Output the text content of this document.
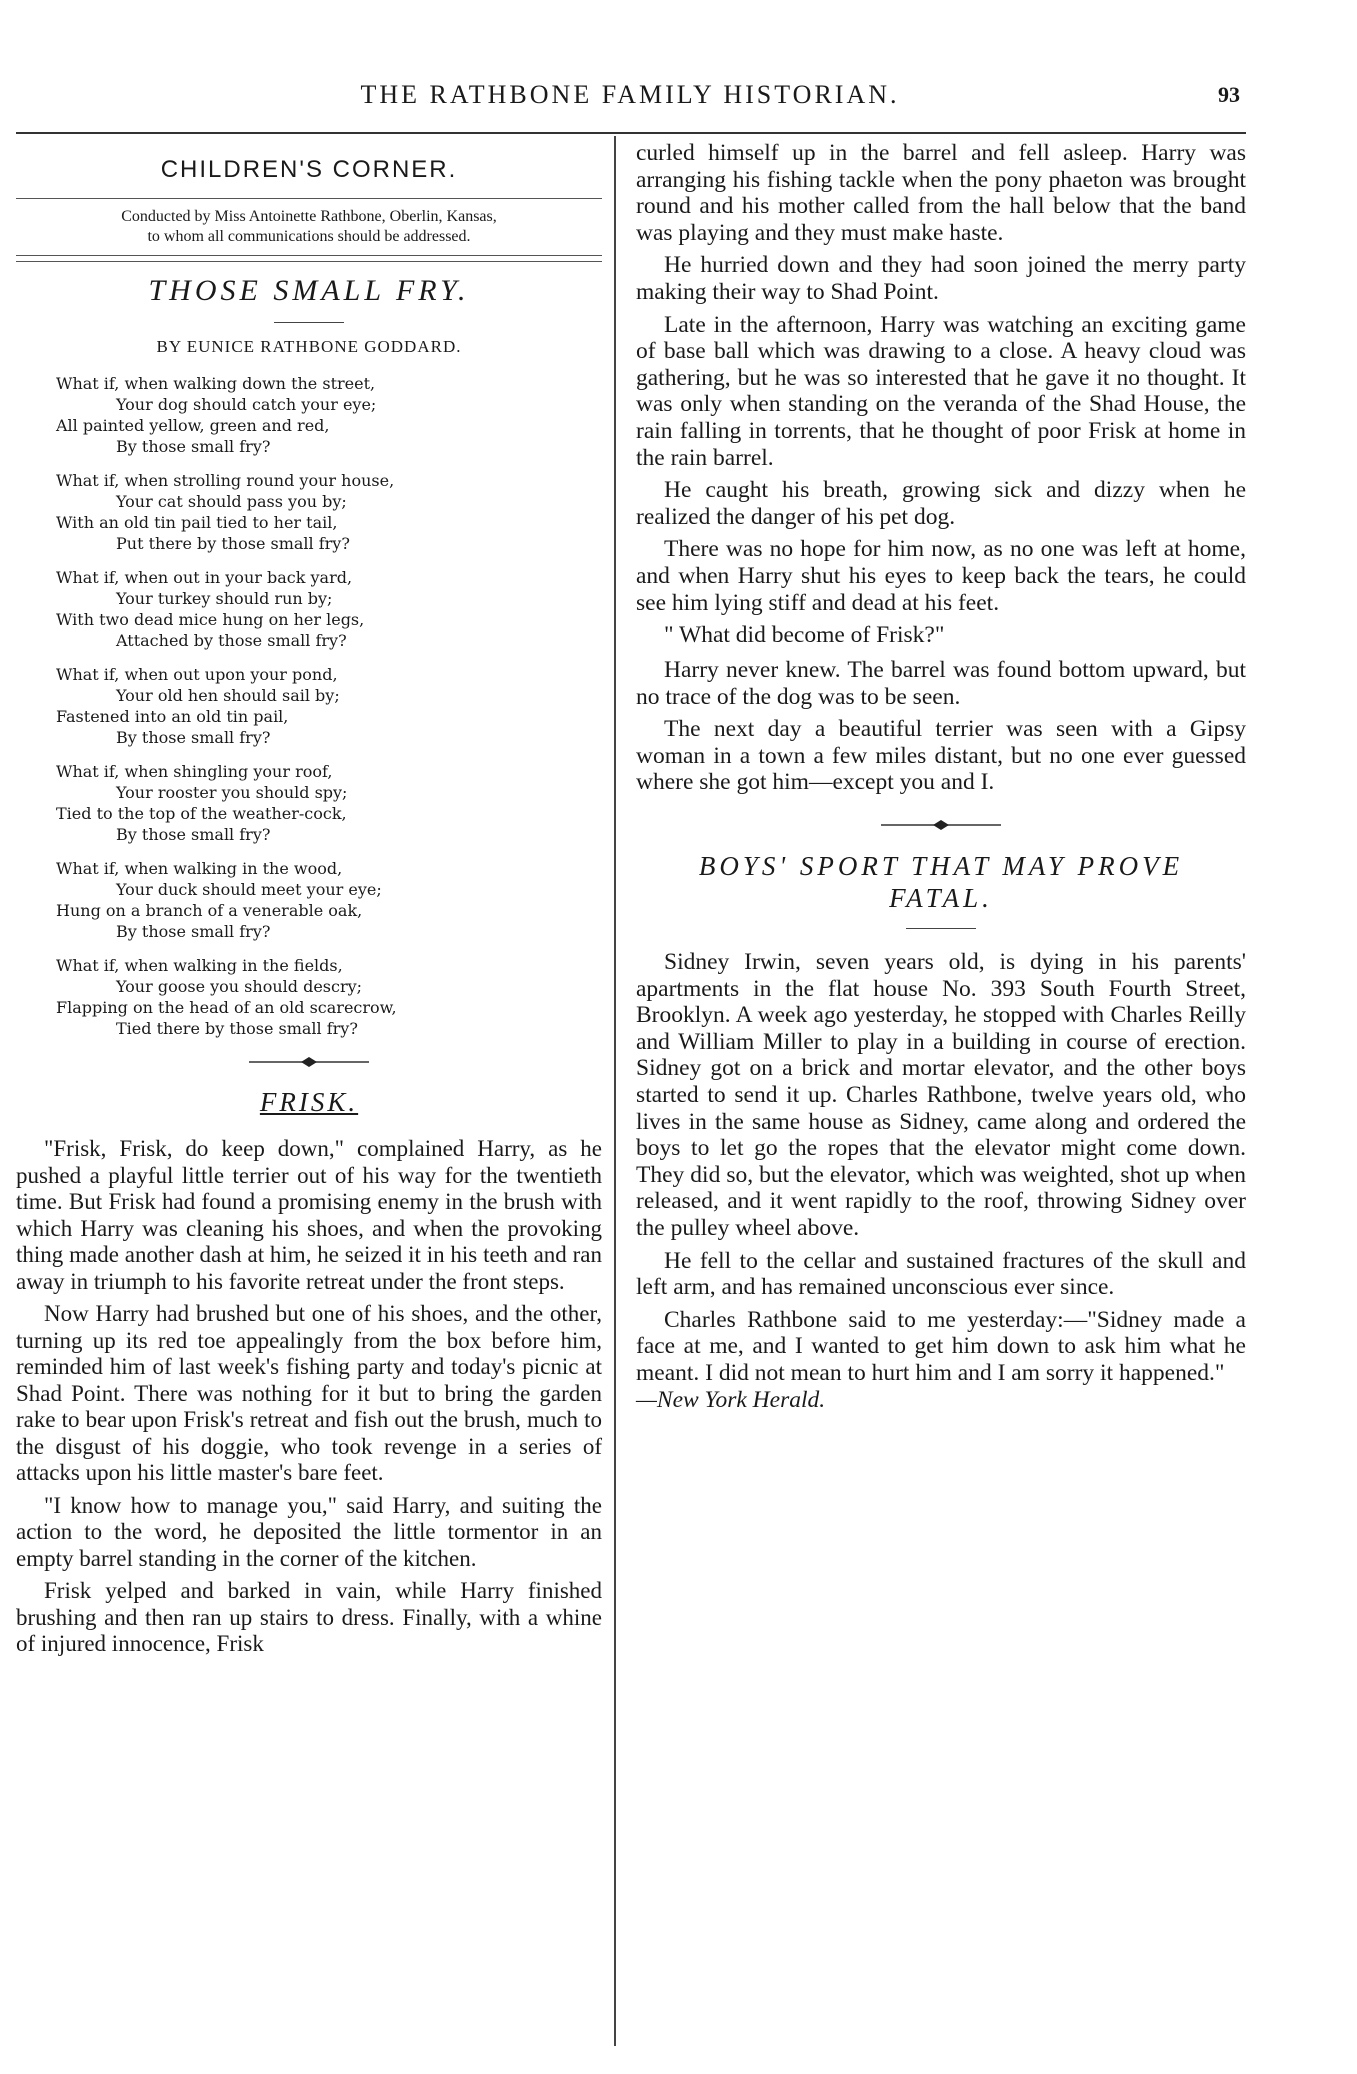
THE RATHBONE FAMILY HISTORIAN.	93
CHILDREN'S CORNER.
Conducted by Miss Antoinette Rathbone, Oberlin, Kansas,
to whom all communications should be addressed.
THOSE SMALL FRY.
BY EUNICE RATHBONE GODDARD.
What if, when walking down the street,
Your dog should catch your eye;
All painted yellow, green and red,
By those small fry?
What if, when strolling round your house,
Your cat should pass you by;
With an old tin pail tied to her tail,
Put there by those small fry?
What if, when out in your back yard,
Your turkey should run by;
With two dead mice hung on her legs,
Attached by those small fry?
What if, when out upon your pond,
Your old hen should sail by;
Fastened into an old tin pail,
By those small fry?
What if, when shingling your roof,
Your rooster you should spy;
Tied to the top of the weather-cock,
By those small fry?
What if, when walking in the wood,
Your duck should meet your eye;
Hung on a branch of a venerable oak,
By those small fry?
What if, when walking in the fields,
Your goose you should descry;
Flapping on the head of an old scarecrow,
Tied there by those small fry?
FRISK.

"Frisk, Frisk, do keep down," complained Harry, as he pushed a playful little terrier out of his way for the twentieth time. But Frisk had found a promising enemy in the brush with which Harry was cleaning his shoes, and when the provoking thing made another dash at him, he seized it in his teeth and ran away in triumph to his favorite retreat under the front steps.

Now Harry had brushed but one of his shoes, and the other, turning up its red toe appealingly from the box before him, reminded him of last week's fishing party and today's picnic at Shad Point. There was nothing for it but to bring the garden rake to bear upon Frisk's retreat and fish out the brush, much to the disgust of his doggie, who took revenge in a series of attacks upon his little master's bare feet.

"I know how to manage you," said Harry, and suiting the action to the word, he deposited the little tormentor in an empty barrel standing in the corner of the kitchen.

Frisk yelped and barked in vain, while Harry finished brushing and then ran up stairs to dress. Finally, with a whine of injured innocence, Frisk

curled himself up in the barrel and fell asleep. Harry was arranging his fishing tackle when the pony phaeton was brought round and his mother called from the hall below that the band was playing and they must make haste.

He hurried down and they had soon joined the merry party making their way to Shad Point.

Late in the afternoon, Harry was watching an exciting game of base ball which was drawing to a close. A heavy cloud was gathering, but he was so interested that he gave it no thought. It was only when standing on the veranda of the Shad House, the rain falling in torrents, that he thought of poor Frisk at home in the rain barrel.

He caught his breath, growing sick and dizzy when he realized the danger of his pet dog.

There was no hope for him now, as no one was left at home, and when Harry shut his eyes to keep back the tears, he could see him lying stiff and dead at his feet.

" What did become of Frisk?"

Harry never knew. The barrel was found bottom upward, but no trace of the dog was to be seen.

The next day a beautiful terrier was seen with a Gipsy woman in a town a few miles distant, but no one ever guessed where she got him—except you and I.

BOYS' SPORT THAT MAY PROVE FATAL.

Sidney Irwin, seven years old, is dying in his parents' apartments in the flat house No. 393 South Fourth Street, Brooklyn. A week ago yesterday, he stopped with Charles Reilly and William Miller to play in a building in course of erection. Sidney got on a brick and mortar elevator, and the other boys started to send it up. Charles Rathbone, twelve years old, who lives in the same house as Sidney, came along and ordered the boys to let go the ropes that the elevator might come down. They did so, but the elevator, which was weighted, shot up when released, and it went rapidly to the roof, throwing Sidney over the pulley wheel above.

He fell to the cellar and sustained fractures of the skull and left arm, and has remained unconscious ever since.

Charles Rathbone said to me yesterday:—"Sidney made a face at me, and I wanted to get him down to ask him what he meant. I did not mean to hurt him and I am sorry it happened."

—New York Herald.
